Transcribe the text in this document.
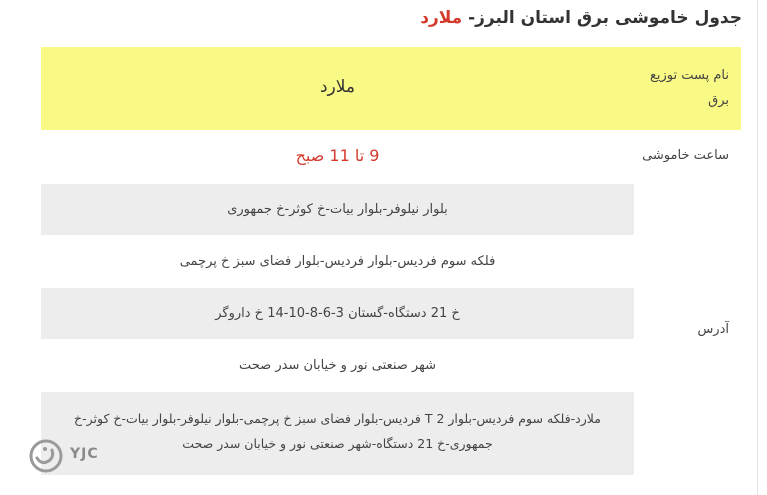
جدول خاموشی برق استان البرز- ملارد
نام پست توزیع
برق
ملارد
ساعت خاموشی
9 تا 11 صبح
آدرس
بلوار نیلوفر-بلوار بیات-خ کوثر-خ جمهوری
فلکه سوم فردیس-بلوار فردیس-بلوار فضای سبز خ پرچمی
خ 21 دستگاه-گستان 3-6-8-10-14 خ داروگر
شهر صنعتی نور و خیابان سدر صحت
ملارد-فلکه سوم فردیس-بلوار 2 T فردیس-بلوار فضای سبز خ پرچمی-بلوار نیلوفر-بلوار بیات-خ کوثر-خ
جمهوری-خ 21 دستگاه-شهر صنعتی نور و خیابان سدر صحت
YJC
